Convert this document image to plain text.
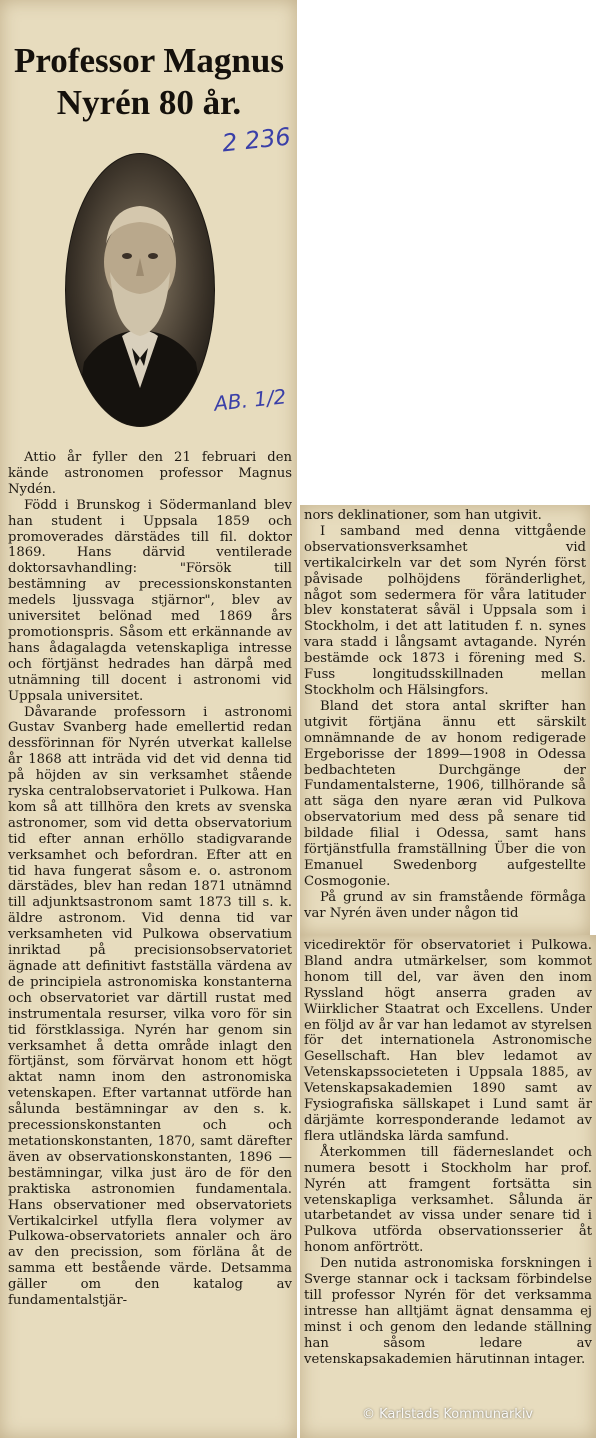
Professor Magnus
Nyrén 80 år.
2 236
AB. 1/2

Attio år fyller den 21 februari den kände astronomen professor Magnus Nydén.

Född i Brunskog i Södermanland blev han student i Uppsala 1859 och promoverades därstädes till fil. doktor 1869. Hans därvid ventilerade doktorsavhandling: "Försök till bestämning av precessionskonstanten medels ljussvaga stjärnor", blev av universitet belönad med 1869 års promotionspris. Såsom ett erkännande av hans ådagalagda vetenskapliga intresse och förtjänst hedrades han därpå med utnämning till docent i astronomi vid Uppsala universitet.

Dåvarande professorn i astronomi Gustav Svanberg hade emellertid redan dessförinnan för Nyrén utverkat kallelse år 1868 att inträda vid det vid denna tid på höjden av sin verksamhet stående ryska centralobservatoriet i Pulkowa. Han kom så att tillhöra den krets av svenska astronomer, som vid detta observatorium tid efter annan erhöllo stadigvarande verksamhet och befordran. Efter att en tid hava fungerat såsom e. o. astronom därstädes, blev han redan 1871 utnämnd till adjunktsastronom samt 1873 till s. k. äldre astronom. Vid denna tid var verksamheten vid Pulkowa observatium inriktad på precisionsobservatoriet ägnade att definitivt fastställa värdena av de principiela astronomiska konstanterna och observatoriet var därtill rustat med instrumentala resurser, vilka voro för sin tid förstklassiga. Nyrén har genom sin verksamhet å detta område inlagt den förtjänst, som förvärvat honom ett högt aktat namn inom den astronomiska vetenskapen. Efter vartannat utförde han sålunda bestämningar av den s. k. precessionskonstanten och och metationskonstanten, 1870, samt därefter även av observationskonstanten, 1896 — bestämningar, vilka just äro de för den praktiska astronomien fundamentala. Hans observationer med observatoriets Vertikalcirkel utfylla flera volymer av Pulkowa-observatoriets annaler och äro av den precission, som förläna åt de samma ett bestående värde. Detsamma gäller om den katalog av fundamentalstjär-

nors deklinationer, som han utgivit.

I samband med denna vittgående observationsverksamhet vid vertikalcirkeln var det som Nyrén först påvisade polhöjdens föränderlighet, något som sedermera för våra latituder blev konstaterat såväl i Uppsala som i Stockholm, i det att latituden f. n. synes vara stadd i långsamt avtagande. Nyrén bestämde ock 1873 i förening med S. Fuss longitudsskillnaden mellan Stockholm och Hälsingfors.

Bland det stora antal skrifter han utgivit förtjäna ännu ett särskilt omnämnande de av honom redigerade Ergeborisse der 1899—1908 in Odessa bedbachteten Durchgänge der Fundamentalsterne, 1906, tillhörande så att säga den nyare æran vid Pulkova observatorium med dess på senare tid bildade filial i Odessa, samt hans förtjänstfulla framställning Über die von Emanuel Swedenborg aufgestellte Cosmogonie.

På grund av sin framstående förmåga var Nyrén även under någon tid

vicedirektör för observatoriet i Pulkowa. Bland andra utmärkelser, som kommot honom till del, var även den inom Ryssland högt anserra graden av Wiirklicher Staatrat och Excellens. Under en följd av år var han ledamot av styrelsen för det internationela Astronomische Gesellschaft. Han blev ledamot av Vetenskapssocieteten i Uppsala 1885, av Vetenskapsakademien 1890 samt av Fysiografiska sällskapet i Lund samt är därjämte korresponderande ledamot av flera utländska lärda samfund.

Återkommen till fäderneslandet och numera besott i Stockholm har prof. Nyrén att framgent fortsätta sin vetenskapliga verksamhet. Sålunda är utarbetandet av vissa under senare tid i Pulkova utförda observationsserier åt honom anförtrött.

Den nutida astronomiska forskningen i Sverge stannar ock i tacksam förbindelse till professor Nyrén för det verksamma intresse han alltjämt ägnat densamma ej minst i och genom den ledande ställning han såsom ledare av vetenskapsakademien härutinnan intager.

© Karlstads Kommunarkiv
